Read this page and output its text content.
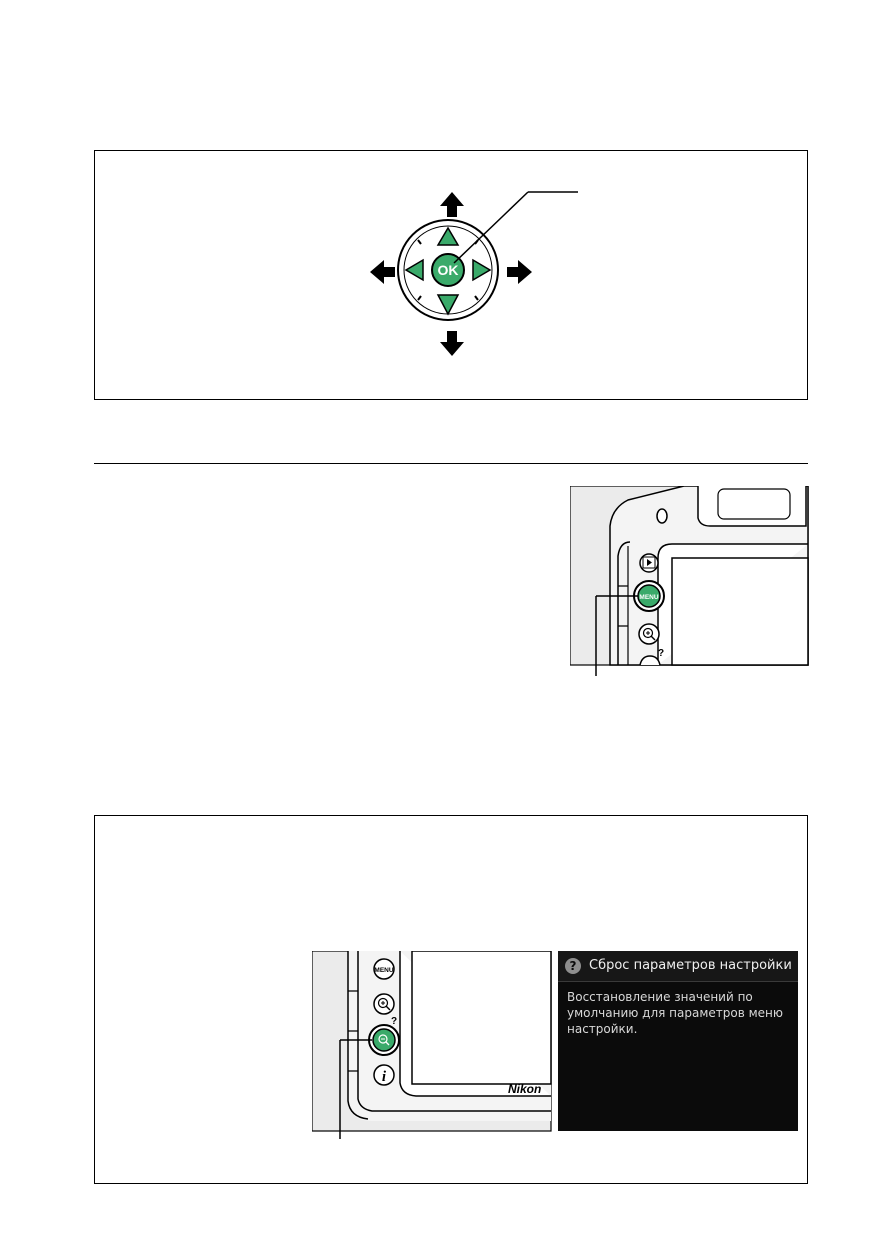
OK
MENU
?
MENU
?
i
Nikon
? Сброс параметров настройки
Восстановление значений по умолчанию для параметров меню настройки.
